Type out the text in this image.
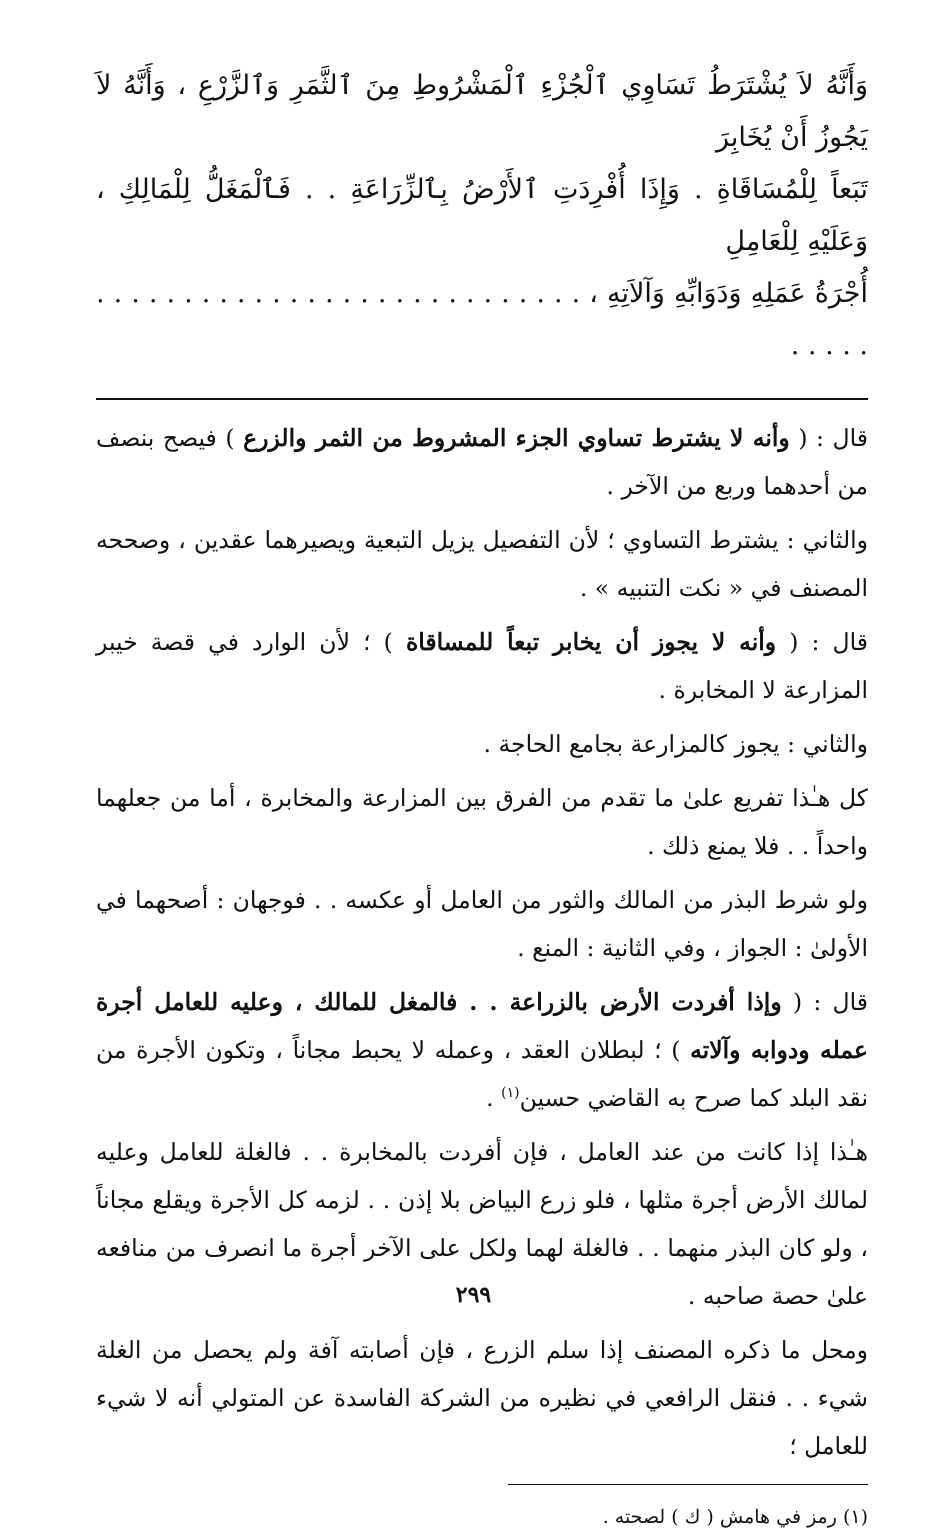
وَأَنَّهُ لاَ يُشْتَرَطُ تَسَاوِي ٱلْجُزْءِ ٱلْمَشْرُوطِ مِنَ ٱلثَّمَرِ وَٱلزَّرْعِ ، وَأَنَّهُ لاَ يَجُوزُ أَنْ يُخَابِرَ

تَبَعاً لِلْمُسَاقَاةِ . وَإِذَا أُفْرِدَتِ ٱلأَرْضُ بِٱلزِّرَاعَةِ . . فَٱلْمَغَلُّ لِلْمَالِكِ ، وَعَلَيْهِ لِلْعَامِلِ

أُجْرَةُ عَمَلِهِ وَدَوَابِّهِ وَآلاَتِهِ ، . . . . . . . . . . . . . . . . . . . . . . . . . . . . . . . . .

قال : ( وأنه لا يشترط تساوي الجزء المشروط من الثمر والزرع ) فيصح بنصف من أحدهما وربع من الآخر .

والثاني : يشترط التساوي ؛ لأن التفصيل يزيل التبعية ويصيرهما عقدين ، وصححه المصنف في « نكت التنبيه » .

قال : ( وأنه لا يجوز أن يخابر تبعاً للمساقاة ) ؛ لأن الوارد في قصة خيبر المزارعة لا المخابرة .

والثاني : يجوز كالمزارعة بجامع الحاجة .

كل هـٰذا تفريع علىٰ ما تقدم من الفرق بين المزارعة والمخابرة ، أما من جعلهما واحداً . . فلا يمنع ذلك .

ولو شرط البذر من المالك والثور من العامل أو عكسه . . فوجهان : أصحهما في الأولىٰ : الجواز ، وفي الثانية : المنع .

قال : ( وإذا أفردت الأرض بالزراعة . . فالمغل للمالك ، وعليه للعامل أجرة عمله ودوابه وآلاته ) ؛ لبطلان العقد ، وعمله لا يحبط مجاناً ، وتكون الأجرة من نقد البلد كما صرح به القاضي حسين$^{(١)}$ .

هـٰذا إذا كانت من عند العامل ، فإن أفردت بالمخابرة . . فالغلة للعامل وعليه لمالك الأرض أجرة مثلها ، فلو زرع البياض بلا إذن . . لزمه كل الأجرة ويقلع مجاناً ، ولو كان البذر منهما . . فالغلة لهما ولكل على الآخر أجرة ما انصرف من منافعه علىٰ حصة صاحبه .

ومحل ما ذكره المصنف إذا سلم الزرع ، فإن أصابته آفة ولم يحصل من الغلة شيء . . فنقل الرافعي في نظيره من الشركة الفاسدة عن المتولي أنه لا شيء للعامل ؛

(١) رمز في هامش ( ك ) لصحته .
٢٩٩
